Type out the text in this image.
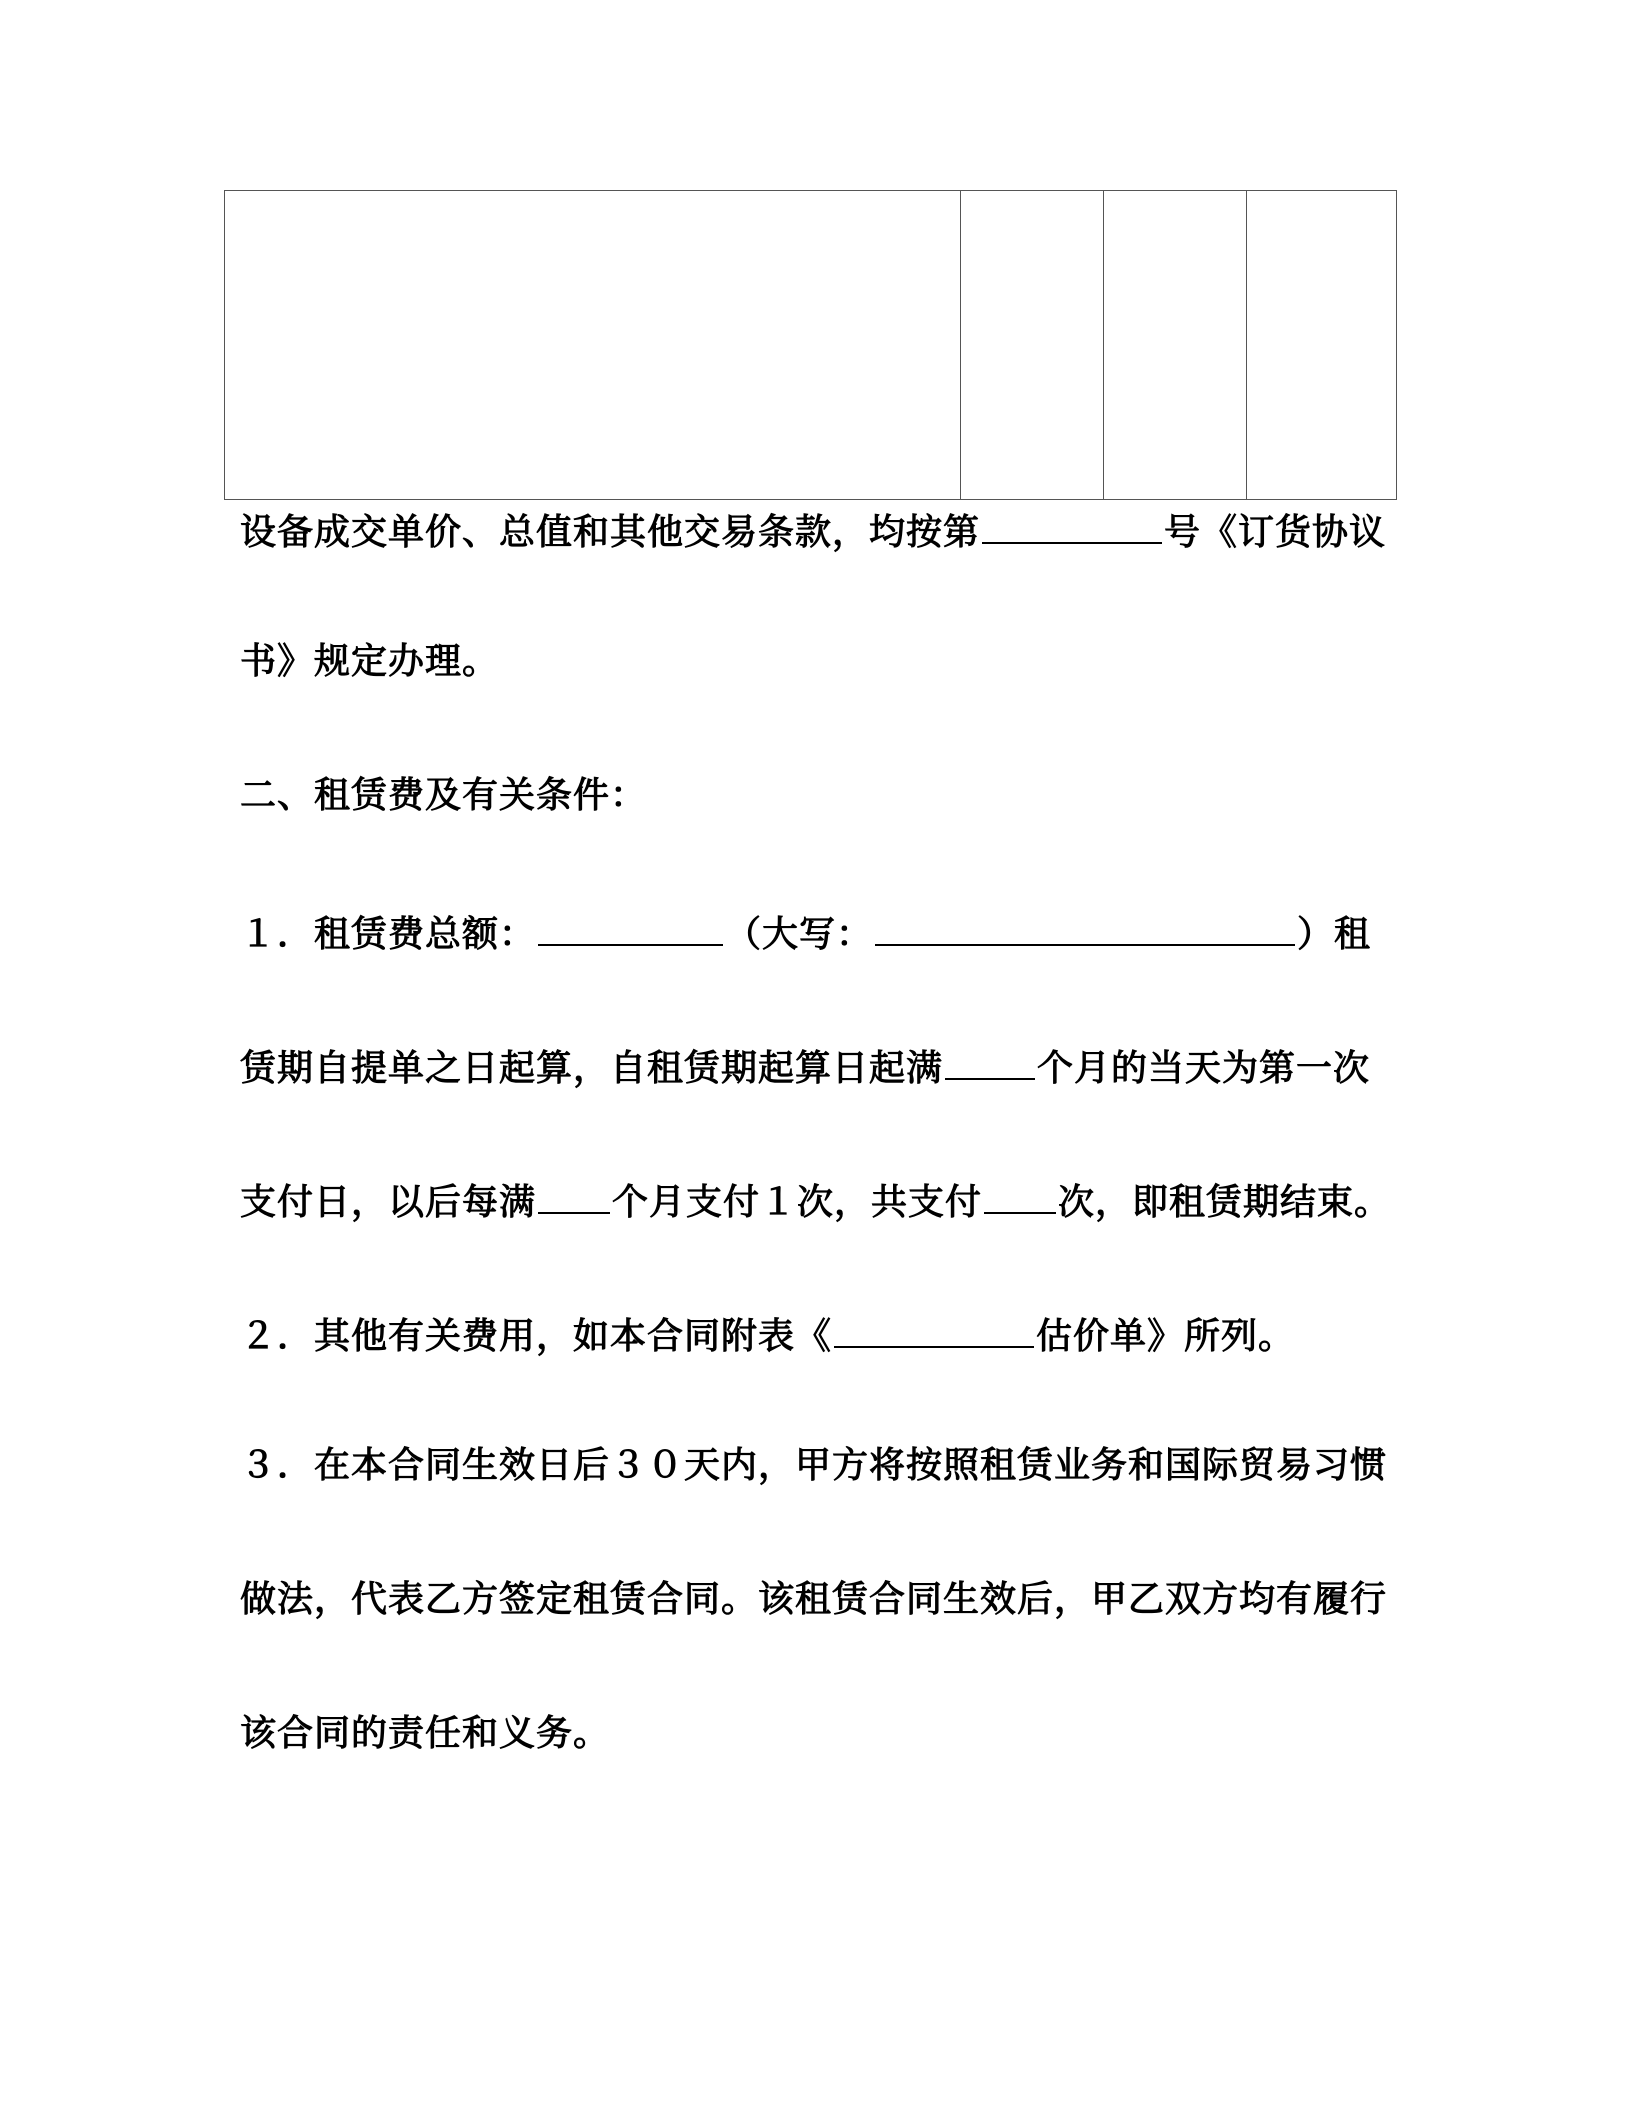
设备成交单价、总值和其他交易条款，均按第	号《订货协议
书》规定办理。
二、租赁费及有关条件：
１．租赁费总额：	（大写：	）租
赁期自提单之日起算，自租赁期起算日起满	个月的当天为第一次
支付日，以后每满 个月支付１次，共支付 次，即租赁期结束。
２．其他有关费用，如本合同附表《	估价单》所列。
３．在本合同生效日后３０天内，甲方将按照租赁业务和国际贸易习惯
做法，代表乙方签定租赁合同。该租赁合同生效后，甲乙双方均有履行
该合同的责任和义务。
